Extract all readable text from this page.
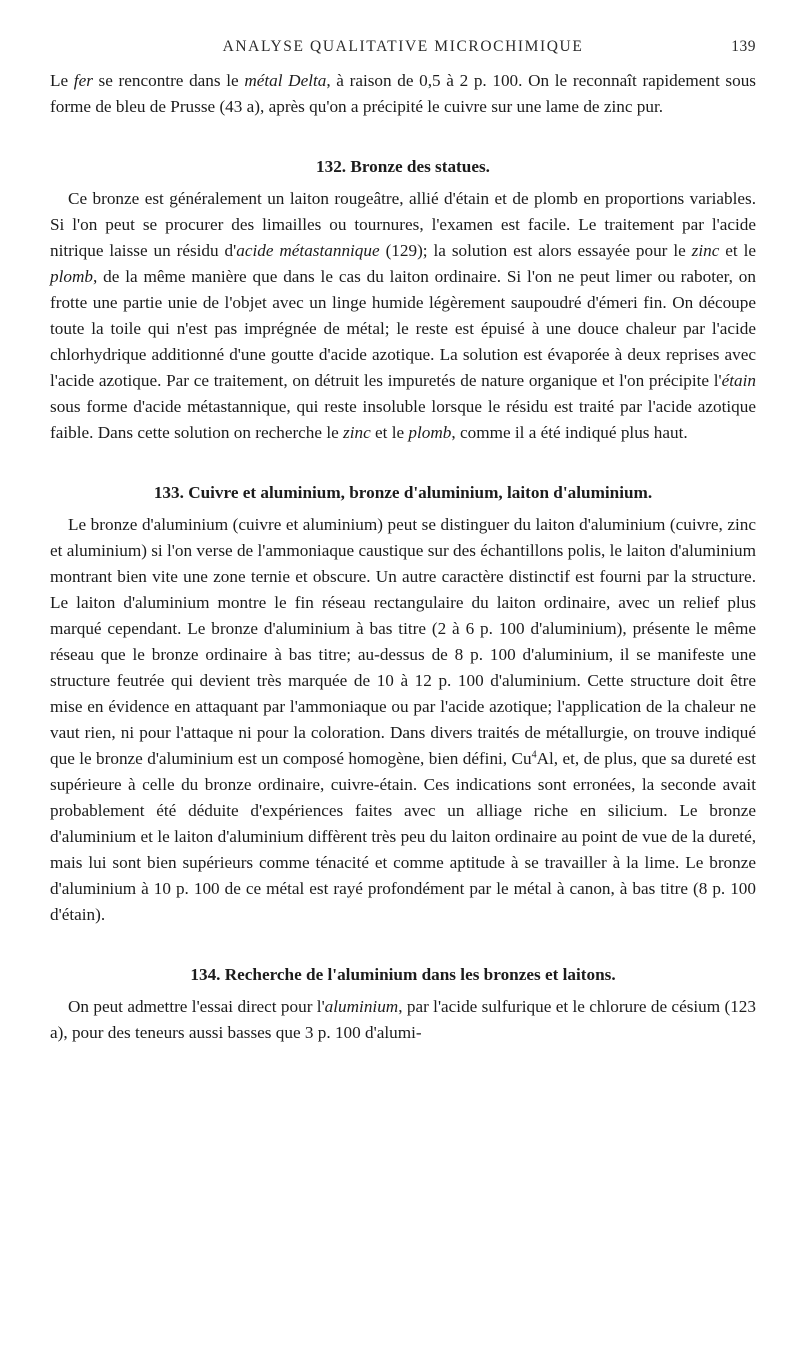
ANALYSE QUALITATIVE MICROCHIMIQUE	139

Le fer se rencontre dans le métal Delta, à raison de 0,5 à 2 p. 100. On le reconnaît rapidement sous forme de bleu de Prusse (43 a), après qu'on a précipité le cuivre sur une lame de zinc pur.

132. Bronze des statues.

Ce bronze est généralement un laiton rougeâtre, allié d'étain et de plomb en proportions variables. Si l'on peut se procurer des limailles ou tournures, l'examen est facile. Le traitement par l'acide nitrique laisse un résidu d'acide métastannique (129); la solution est alors essayée pour le zinc et le plomb, de la même manière que dans le cas du laiton ordinaire. Si l'on ne peut limer ou raboter, on frotte une partie unie de l'objet avec un linge humide légèrement saupoudré d'émeri fin. On découpe toute la toile qui n'est pas imprégnée de métal; le reste est épuisé à une douce chaleur par l'acide chlorhydrique additionné d'une goutte d'acide azotique. La solution est évaporée à deux reprises avec l'acide azotique. Par ce traitement, on détruit les impuretés de nature organique et l'on précipite l'étain sous forme d'acide métastannique, qui reste insoluble lorsque le résidu est traité par l'acide azotique faible. Dans cette solution on recherche le zinc et le plomb, comme il a été indiqué plus haut.

133. Cuivre et aluminium, bronze d'aluminium, laiton d'aluminium.

Le bronze d'aluminium (cuivre et aluminium) peut se distinguer du laiton d'aluminium (cuivre, zinc et aluminium) si l'on verse de l'ammoniaque caustique sur des échantillons polis, le laiton d'aluminium montrant bien vite une zone ternie et obscure. Un autre caractère distinctif est fourni par la structure. Le laiton d'aluminium montre le fin réseau rectangulaire du laiton ordinaire, avec un relief plus marqué cependant. Le bronze d'aluminium à bas titre (2 à 6 p. 100 d'aluminium), présente le même réseau que le bronze ordinaire à bas titre; au-dessus de 8 p. 100 d'aluminium, il se manifeste une structure feutrée qui devient très marquée de 10 à 12 p. 100 d'aluminium. Cette structure doit être mise en évidence en attaquant par l'ammoniaque ou par l'acide azotique; l'application de la chaleur ne vaut rien, ni pour l'attaque ni pour la coloration. Dans divers traités de métallurgie, on trouve indiqué que le bronze d'aluminium est un composé homogène, bien défini, Cu$^4$Al, et, de plus, que sa dureté est supérieure à celle du bronze ordinaire, cuivre-étain. Ces indications sont erronées, la seconde avait probablement été déduite d'expériences faites avec un alliage riche en silicium. Le bronze d'aluminium et le laiton d'aluminium diffèrent très peu du laiton ordinaire au point de vue de la dureté, mais lui sont bien supérieurs comme ténacité et comme aptitude à se travailler à la lime. Le bronze d'aluminium à 10 p. 100 de ce métal est rayé profondément par le métal à canon, à bas titre (8 p. 100 d'étain).

134. Recherche de l'aluminium dans les bronzes et laitons.

On peut admettre l'essai direct pour l'aluminium, par l'acide sulfurique et le chlorure de césium (123 a), pour des teneurs aussi basses que 3 p. 100 d'alumi-
